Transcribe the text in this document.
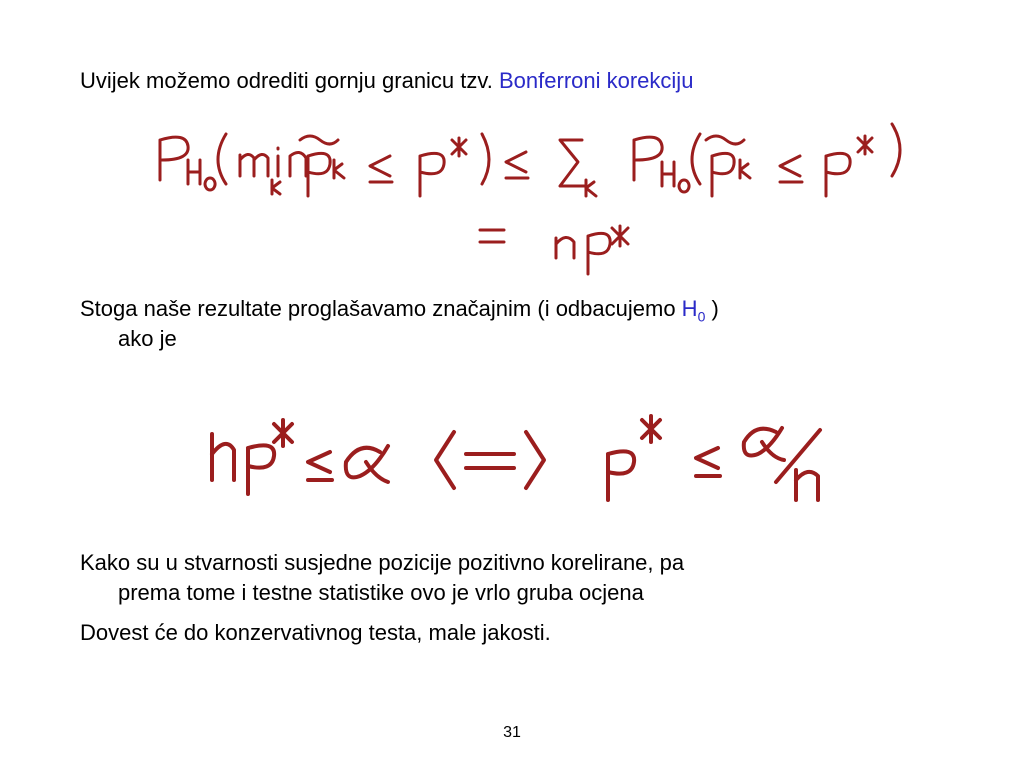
Uvijek možemo odrediti gornju granicu tzv. Bonferroni korekciju
Stoga naše rezultate proglašavamo značajnim (i odbacujemo $H_0$ )
ako je
Kako su u stvarnosti susjedne pozicije pozitivno korelirane, pa
prema tome i testne statistike ovo je vrlo gruba ocjena
Dovest će do konzervativnog testa, male jakosti.
31
